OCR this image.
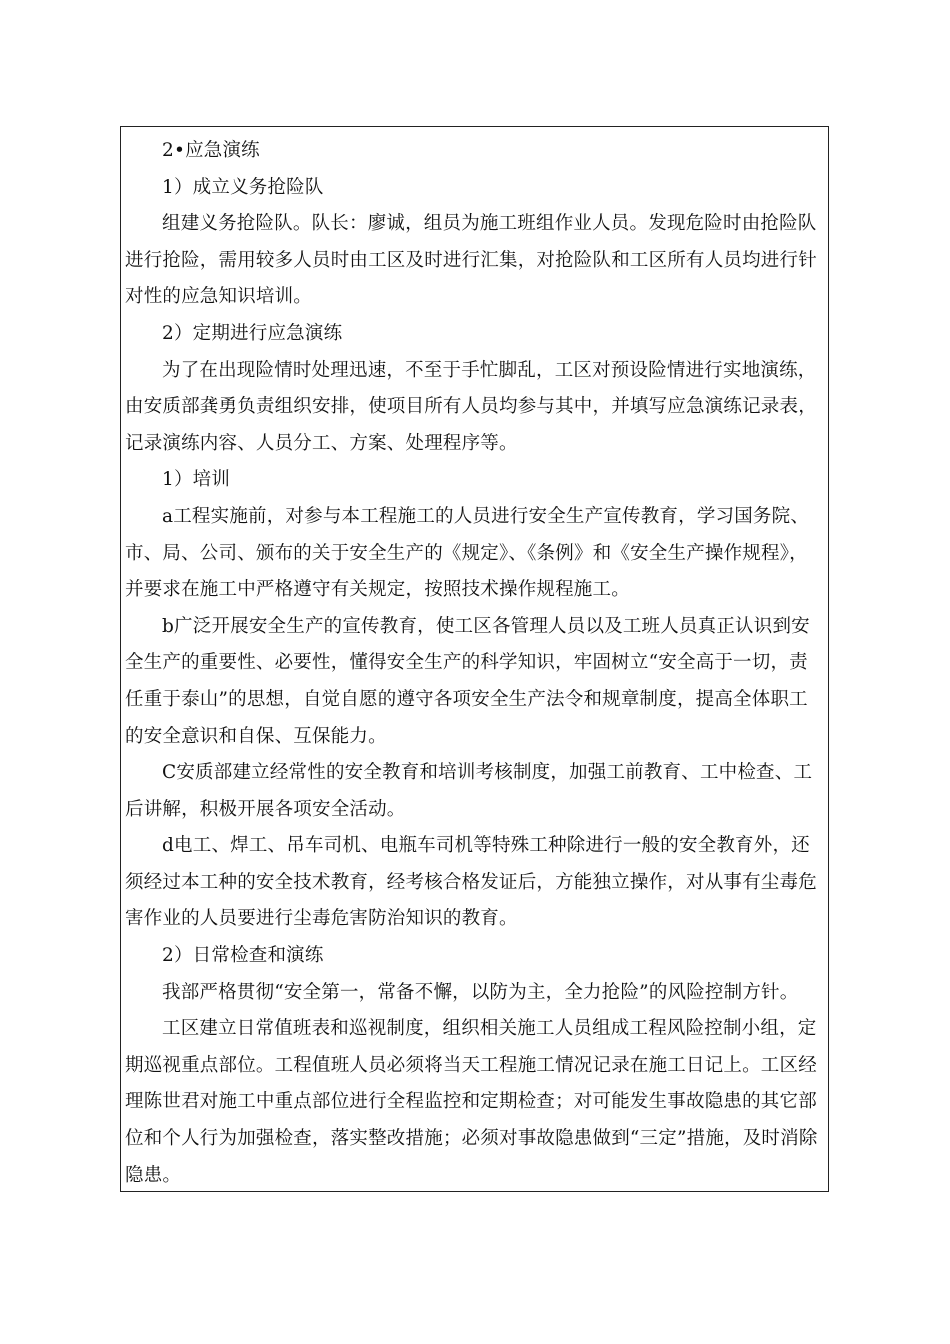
2•应急演练

1）成立义务抢险队

组建义务抢险队。队长：廖诚，组员为施工班组作业人员。发现危险时由抢险队进行抢险，需用较多人员时由工区及时进行汇集，对抢险队和工区所有人员均进行针对性的应急知识培训。

2）定期进行应急演练

为了在出现险情时处理迅速，不至于手忙脚乱，工区对预设险情进行实地演练，由安质部龚勇负责组织安排，使项目所有人员均参与其中，并填写应急演练记录表，记录演练内容、人员分工、方案、处理程序等。

1）培训

a工程实施前，对参与本工程施工的人员进行安全生产宣传教育，学习国务院、市、局、公司、颁布的关于安全生产的《规定》、《条例》和《安全生产操作规程》，并要求在施工中严格遵守有关规定，按照技术操作规程施工。

b广泛开展安全生产的宣传教育，使工区各管理人员以及工班人员真正认识到安全生产的重要性、必要性，懂得安全生产的科学知识，牢固树立“安全高于一切，责任重于泰山”的思想，自觉自愿的遵守各项安全生产法令和规章制度，提高全体职工的安全意识和自保、互保能力。

C安质部建立经常性的安全教育和培训考核制度，加强工前教育、工中检查、工后讲解，积极开展各项安全活动。

d电工、焊工、吊车司机、电瓶车司机等特殊工种除进行一般的安全教育外，还须经过本工种的安全技术教育，经考核合格发证后，方能独立操作，对从事有尘毒危害作业的人员要进行尘毒危害防治知识的教育。

2）日常检查和演练

我部严格贯彻“安全第一，常备不懈，以防为主，全力抢险”的风险控制方针。

工区建立日常值班表和巡视制度，组织相关施工人员组成工程风险控制小组，定期巡视重点部位。工程值班人员必须将当天工程施工情况记录在施工日记上。工区经理陈世君对施工中重点部位进行全程监控和定期检查；对可能发生事故隐患的其它部位和个人行为加强检查，落实整改措施；必须对事故隐患做到“三定”措施，及时消除隐患。
